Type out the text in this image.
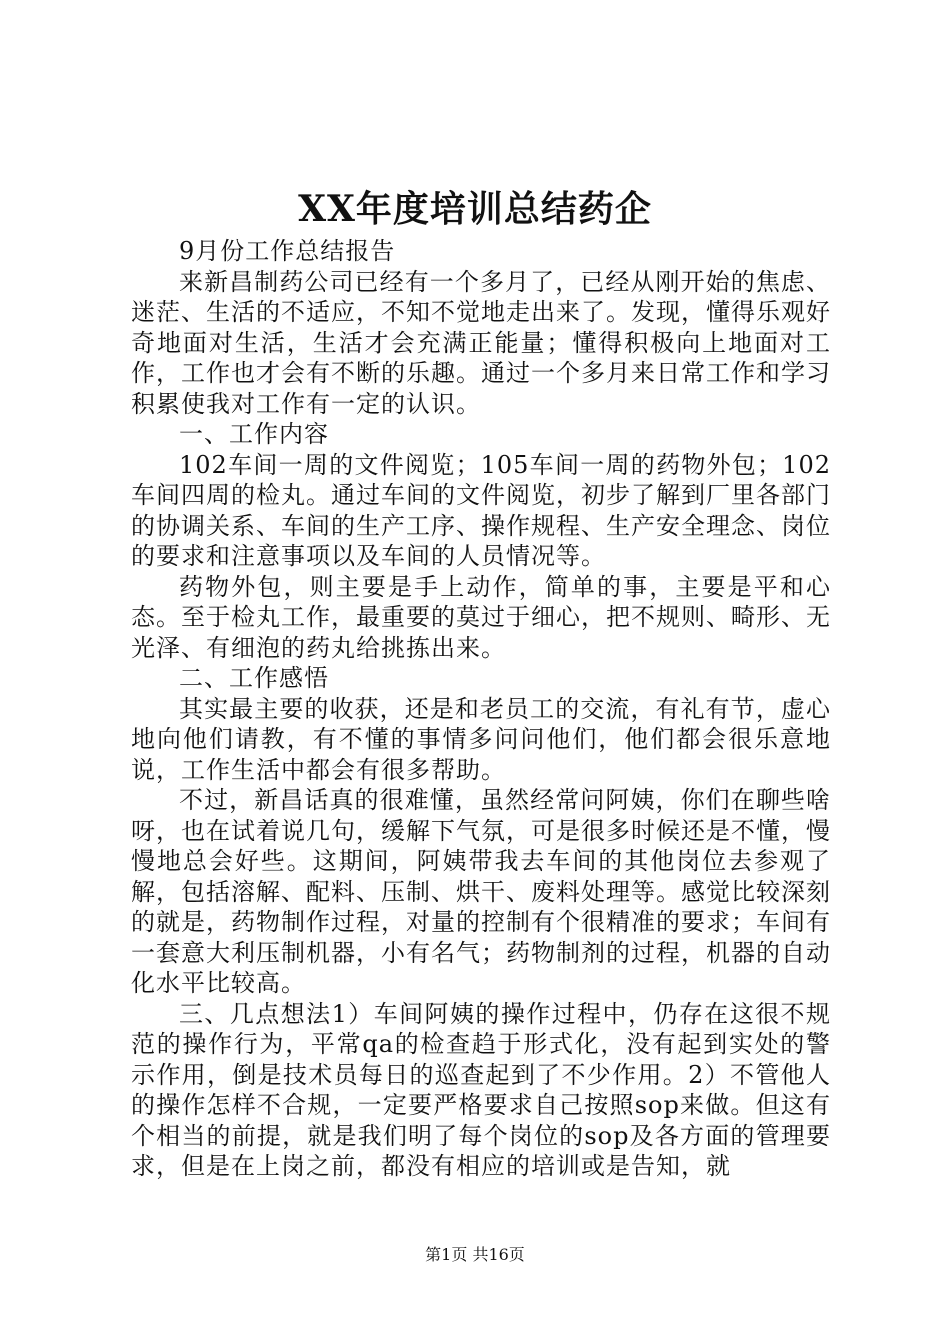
XX年度培训总结药企

9月份工作总结报告

来新昌制药公司已经有一个多月了，已经从刚开始的焦虑、迷茫、生活的不适应，不知不觉地走出来了。发现，懂得乐观好奇地面对生活，生活才会充满正能量；懂得积极向上地面对工作，工作也才会有不断的乐趣。通过一个多月来日常工作和学习积累使我对工作有一定的认识。

一、工作内容

102车间一周的文件阅览；105车间一周的药物外包；102车间四周的检丸。通过车间的文件阅览，初步了解到厂里各部门的协调关系、车间的生产工序、操作规程、生产安全理念、岗位的要求和注意事项以及车间的人员情况等。

药物外包，则主要是手上动作，简单的事，主要是平和心态。至于检丸工作，最重要的莫过于细心，把不规则、畸形、无光泽、有细泡的药丸给挑拣出来。

二、工作感悟

其实最主要的收获，还是和老员工的交流，有礼有节，虚心地向他们请教，有不懂的事情多问问他们，他们都会很乐意地说，工作生活中都会有很多帮助。

不过，新昌话真的很难懂，虽然经常问阿姨，你们在聊些啥呀，也在试着说几句，缓解下气氛，可是很多时候还是不懂，慢慢地总会好些。这期间，阿姨带我去车间的其他岗位去参观了解，包括溶解、配料、压制、烘干、废料处理等。感觉比较深刻的就是，药物制作过程，对量的控制有个很精准的要求；车间有一套意大利压制机器，小有名气；药物制剂的过程，机器的自动化水平比较高。

三、几点想法1）车间阿姨的操作过程中，仍存在这很不规范的操作行为，平常qa的检查趋于形式化，没有起到实处的警示作用，倒是技术员每日的巡查起到了不少作用。2）不管他人的操作怎样不合规，一定要严格要求自己按照sop来做。但这有个相当的前提，就是我们明了每个岗位的sop及各方面的管理要求，但是在上岗之前，都没有相应的培训或是告知，就

第1页 共16页
